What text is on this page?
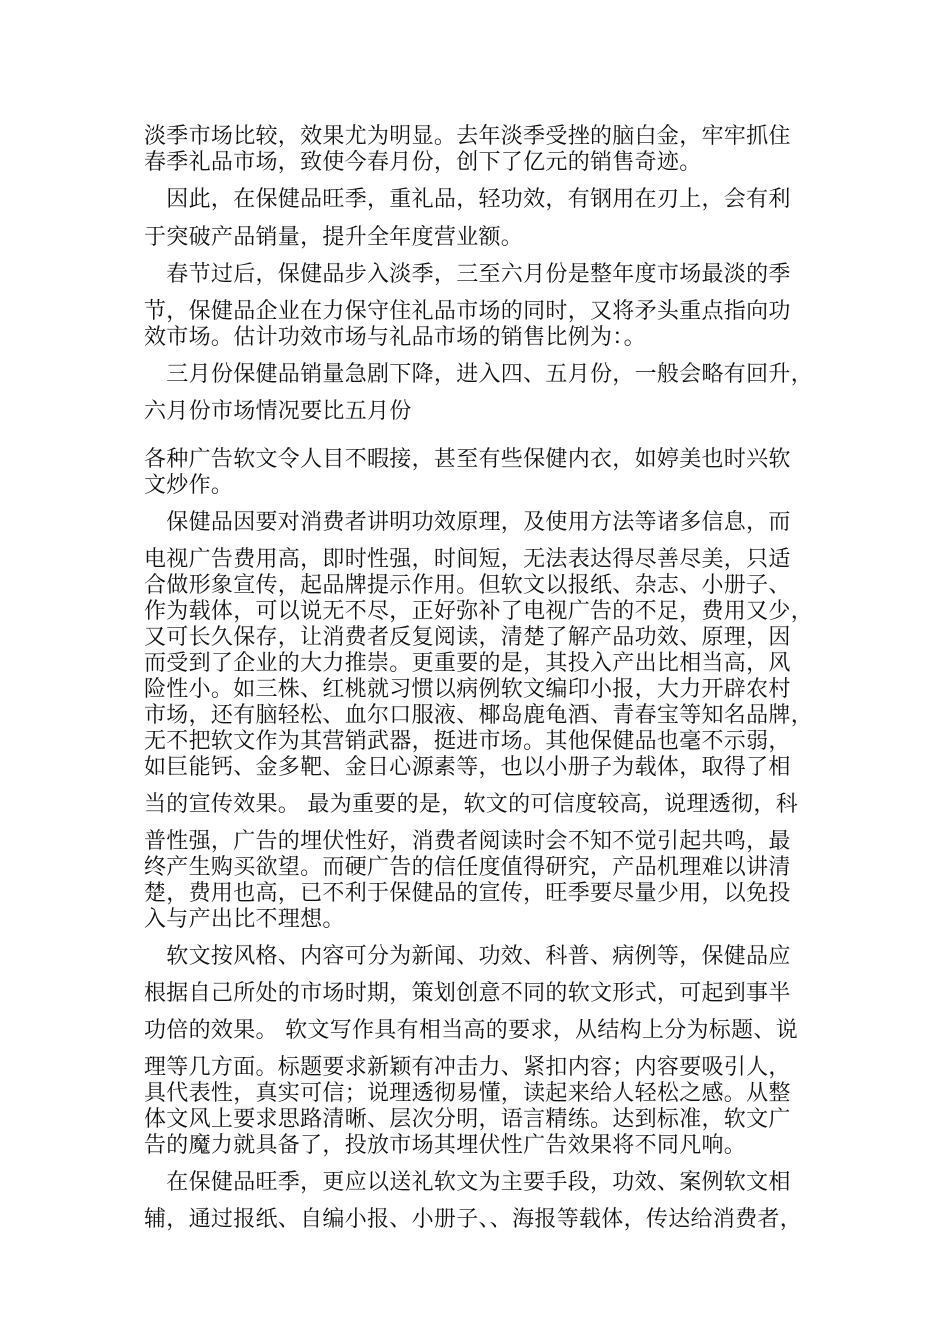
淡季市场比较，效果尤为明显。去年淡季受挫的脑白金，牢牢抓住
春季礼品市场，致使今春月份，创下了亿元的销售奇迹。
　因此，在保健品旺季，重礼品，轻功效，有钢用在刃上，会有利
于突破产品销量，提升全年度营业额。
　春节过后，保健品步入淡季，三至六月份是整年度市场最淡的季
节，保健品企业在力保守住礼品市场的同时，又将矛头重点指向功
效市场。估计功效市场与礼品市场的销售比例为：。
　三月份保健品销量急剧下降，进入四、五月份，一般会略有回升，
六月份市场情况要比五月份
各种广告软文令人目不暇接，甚至有些保健内衣，如婷美也时兴软
文炒作。
　保健品因要对消费者讲明功效原理，及使用方法等诸多信息，而
电视广告费用高，即时性强，时间短，无法表达得尽善尽美，只适
合做形象宣传，起品牌提示作用。但软文以报纸、杂志、小册子、
作为载体，可以说无不尽，正好弥补了电视广告的不足，费用又少，
又可长久保存，让消费者反复阅读，清楚了解产品功效、原理，因
而受到了企业的大力推崇。更重要的是，其投入产出比相当高，风
险性小。如三株、红桃就习惯以病例软文编印小报，大力开辟农村
市场，还有脑轻松、血尔口服液、椰岛鹿龟酒、青春宝等知名品牌，
无不把软文作为其营销武器，挺进市场。其他保健品也毫不示弱，
如巨能钙、金多靶、金日心源素等，也以小册子为载体，取得了相
当的宣传效果。 最为重要的是，软文的可信度较高，说理透彻，科
普性强，广告的埋伏性好，消费者阅读时会不知不觉引起共鸣，最
终产生购买欲望。而硬广告的信任度值得研究，产品机理难以讲清
楚，费用也高，已不利于保健品的宣传，旺季要尽量少用，以免投
入与产出比不理想。
　软文按风格、内容可分为新闻、功效、科普、病例等，保健品应
根据自己所处的市场时期，策划创意不同的软文形式，可起到事半
功倍的效果。 软文写作具有相当高的要求，从结构上分为标题、说
理等几方面。标题要求新颖有冲击力、紧扣内容；内容要吸引人，
具代表性，真实可信；说理透彻易懂，读起来给人轻松之感。从整
体文风上要求思路清晰、层次分明，语言精练。达到标准，软文广
告的魔力就具备了，投放市场其埋伏性广告效果将不同凡响。
　在保健品旺季，更应以送礼软文为主要手段，功效、案例软文相
辅，通过报纸、自编小报、小册子、、海报等载体，传达给消费者，
